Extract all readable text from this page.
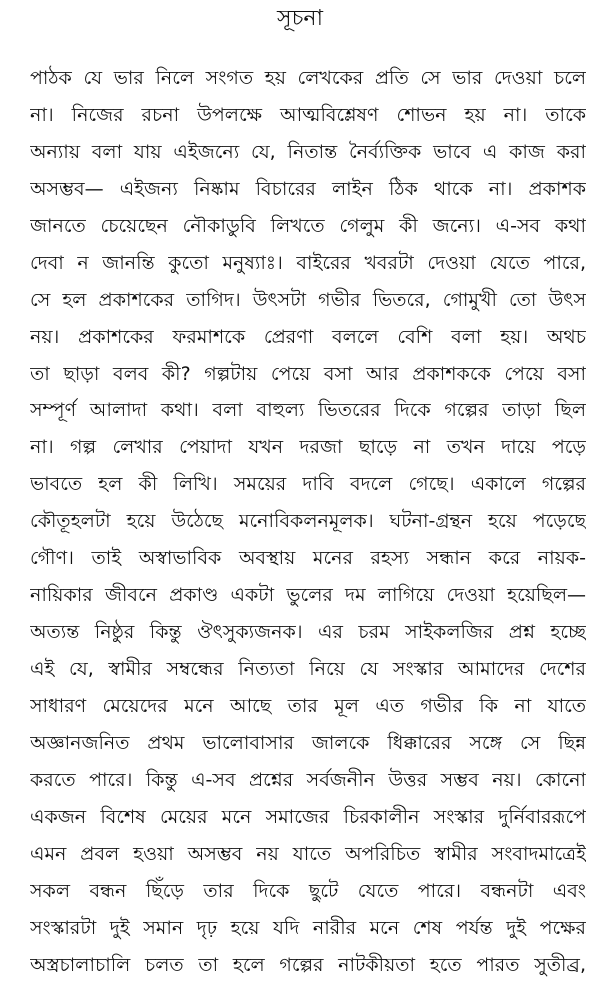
সূচনা
পাঠক যে ভার নিলে সংগত হয় লেখকের প্রতি সে ভার দেওয়া চলে
না। নিজের রচনা উপলক্ষে আত্মবিশ্লেষণ শোভন হয় না। তাকে
অন্যায় বলা যায় এইজন্যে যে, নিতান্ত নৈর্ব্যক্তিক ভাবে এ কাজ করা
অসম্ভব— এইজন্য নিষ্কাম বিচারের লাইন ঠিক থাকে না। প্রকাশক
জানতে চেয়েছেন নৌকাডুবি লিখতে গেলুম কী জন্যে। এ-সব কথা
দেবা ন জানন্তি কুতো মনুষ্যাঃ। বাইরের খবরটা দেওয়া যেতে পারে,
সে হল প্রকাশকের তাগিদ। উৎসটা গভীর ভিতরে, গোমুখী তো উৎস
নয়। প্রকাশকের ফরমাশকে প্রেরণা বললে বেশি বলা হয়। অথচ
তা ছাড়া বলব কী? গল্পটায় পেয়ে বসা আর প্রকাশককে পেয়ে বসা
সম্পূর্ণ আলাদা কথা। বলা বাহুল্য ভিতরের দিকে গল্পের তাড়া ছিল
না। গল্প লেখার পেয়াদা যখন দরজা ছাড়ে না তখন দায়ে পড়ে
ভাবতে হল কী লিখি। সময়ের দাবি বদলে গেছে। একালে গল্পের
কৌতূহলটা হয়ে উঠেছে মনোবিকলনমূলক। ঘটনা-গ্রন্থন হয়ে পড়েছে
গৌণ। তাই অস্বাভাবিক অবস্থায় মনের রহস্য সন্ধান করে নায়ক-
নায়িকার জীবনে প্রকাণ্ড একটা ভুলের দম লাগিয়ে দেওয়া হয়েছিল—
অত্যন্ত নিষ্ঠুর কিন্তু ঔৎসুক্যজনক। এর চরম সাইকলজির প্রশ্ন হচ্ছে
এই যে, স্বামীর সম্বন্ধের নিত্যতা নিয়ে যে সংস্কার আমাদের দেশের
সাধারণ মেয়েদের মনে আছে তার মূল এত গভীর কি না যাতে
অজ্ঞানজনিত প্রথম ভালোবাসার জালকে ধিক্কারের সঙ্গে সে ছিন্ন
করতে পারে। কিন্তু এ-সব প্রশ্নের সর্বজনীন উত্তর সম্ভব নয়। কোনো
একজন বিশেষ মেয়ের মনে সমাজের চিরকালীন সংস্কার দুর্নিবাররূপে
এমন প্রবল হওয়া অসম্ভব নয় যাতে অপরিচিত স্বামীর সংবাদমাত্রেই
সকল বন্ধন ছিঁড়ে তার দিকে ছুটে যেতে পারে। বন্ধনটা এবং
সংস্কারটা দুই সমান দৃঢ় হয়ে যদি নারীর মনে শেষ পর্যন্ত দুই পক্ষের
অস্ত্রচালাচালি চলত তা হলে গল্পের নাটকীয়তা হতে পারত সুতীব্র,
